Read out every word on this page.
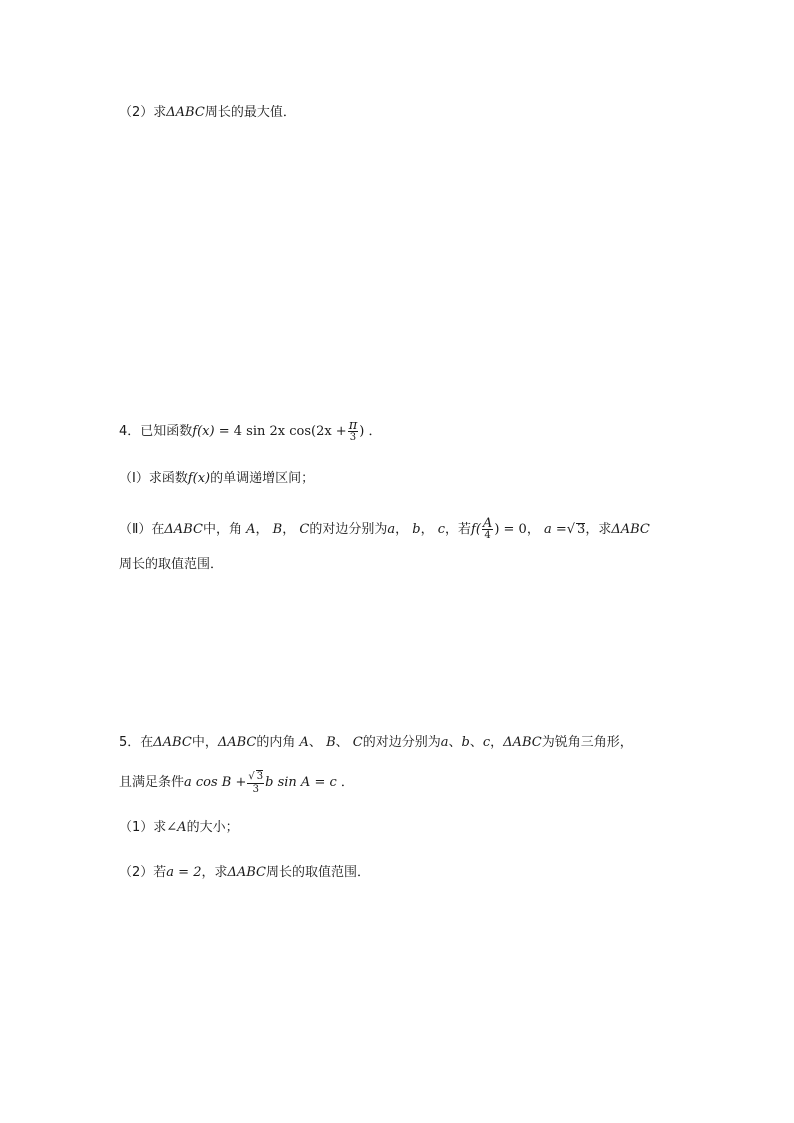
（2）求ΔABC周长的最大值．
4．已知函数f(x) = 4 sin 2x $\cos(2x + \frac{\pi}{3}$ ) ．
（Ⅰ）求函数f(x)的单调递增区间；
（Ⅱ）在ΔABC中，角 A， B， C的对边分别为a， b， c，若$f( \frac{A}{4}$ ) = 0， a =√ 3，求ΔABC
周长的取值范围．
5．在ΔABC中，ΔABC的内角 A、 B、 C的对边分别为a、b、c，ΔABC为锐角三角形，
且满足条件a $\cos B + \frac{√ 3}{3}$ b sin A = c ．
（1）求∠A的大小；
（2）若a = 2，求ΔABC周长的取值范围．
